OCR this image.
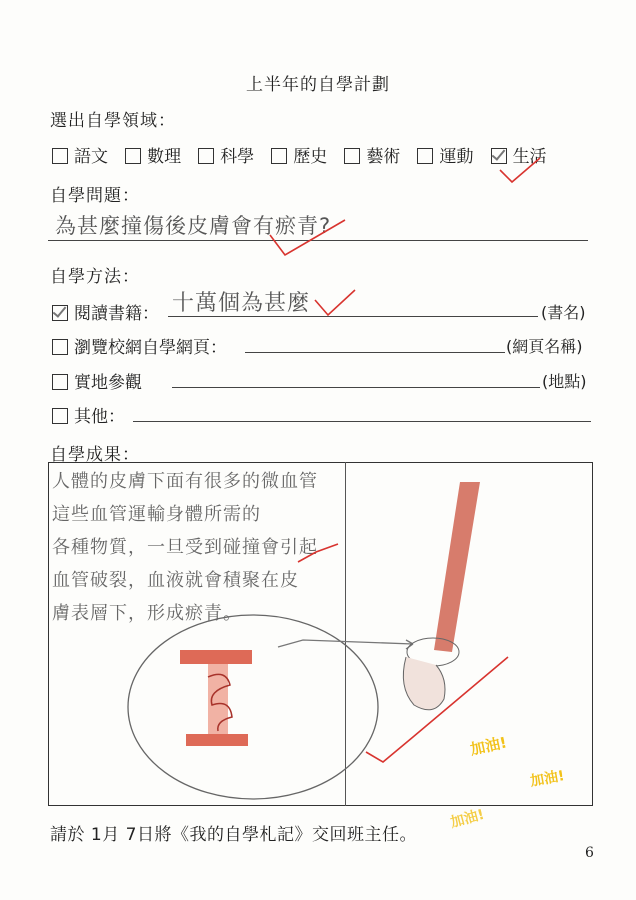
上半年的自學計劃
選出自學領域：
語文 數理 科學 歷史 藝術 運動 生活
自學問題：
為甚麼撞傷後皮膚會有瘀青?
自學方法：
閱讀書籍： 十萬個為甚麼	(書名)
瀏覽校網自學網頁：	(網頁名稱)
實地參觀	(地點)
其他：
自學成果：
人體的皮膚下面有很多的微血管
這些血管運輸身體所需的
各種物質，一旦受到碰撞會引起
血管破裂，血液就會積聚在皮
膚表層下，形成瘀青。
加油!
加油!
加油!
請於 1月 7日將《我的自學札記》交回班主任。
6
